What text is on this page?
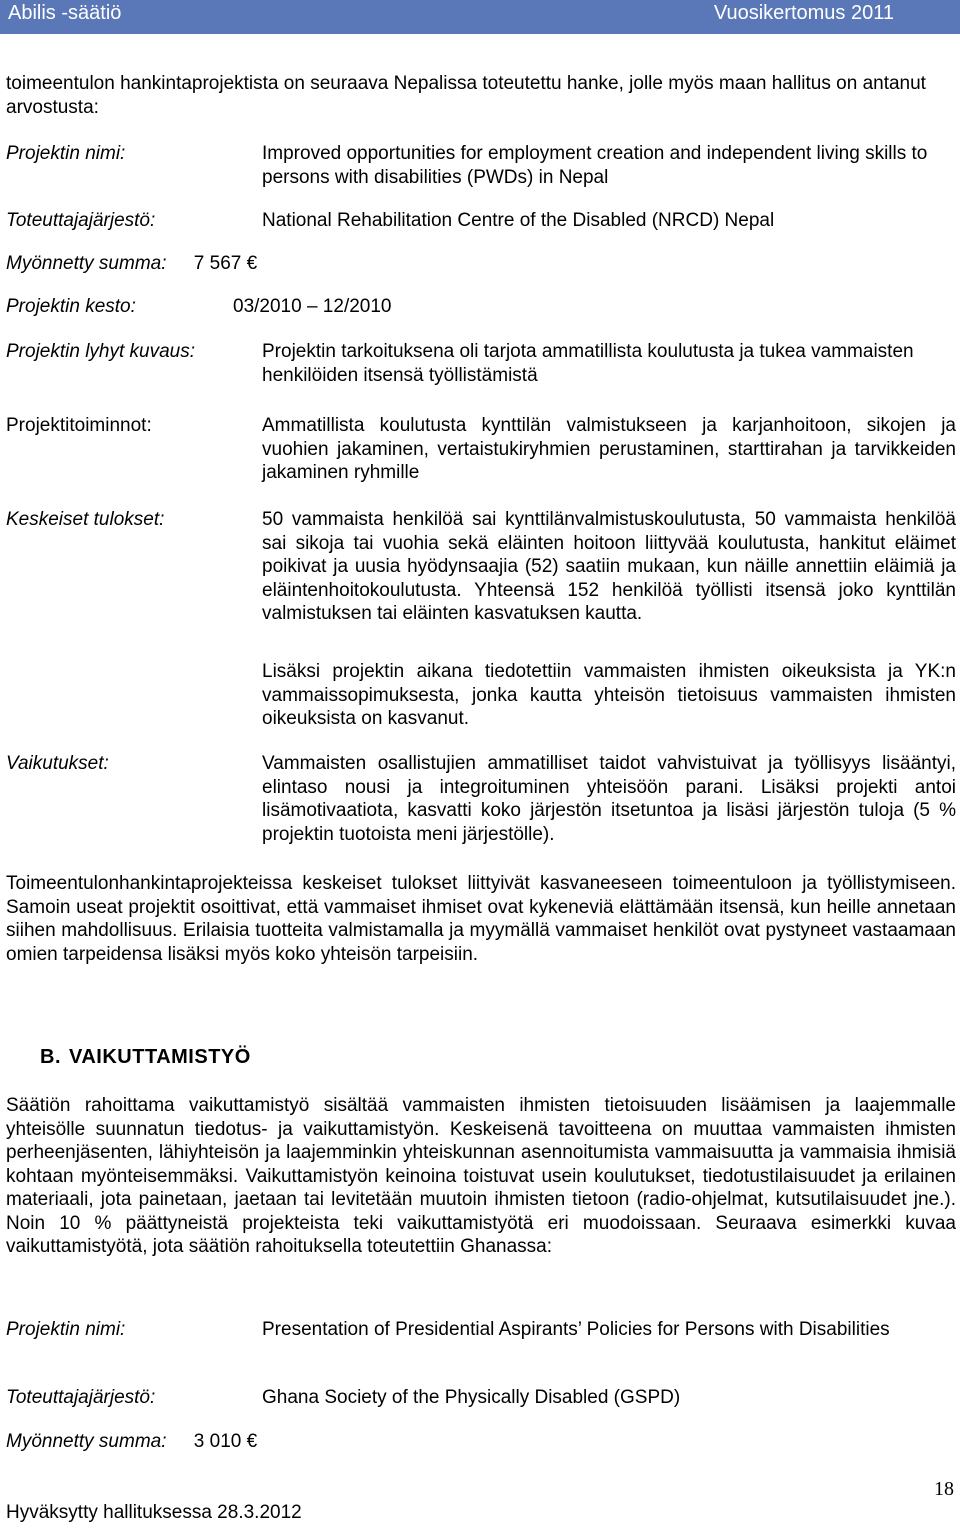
Abilis -säätiö	Vuosikertomus 2011
toimeentulon hankintaprojektista on seuraava Nepalissa toteutettu hanke, jolle myös maan hallitus on antanut arvostusta:
Projektin nimi:	Improved opportunities for employment creation and independent living skills to persons with disabilities (PWDs) in Nepal
Toteuttajajärjestö:	National Rehabilitation Centre of the Disabled (NRCD) Nepal
Myönnetty summa: 7 567 €
Projektin kesto:	03/2010 – 12/2010
Projektin lyhyt kuvaus:	Projektin tarkoituksena oli tarjota ammatillista koulutusta ja tukea vammaisten henkilöiden itsensä työllistämistä
Projektitoiminnot:	Ammatillista koulutusta kynttilän valmistukseen ja karjanhoitoon, sikojen ja vuohien jakaminen, vertaistukiryhmien perustaminen, starttirahan ja tarvikkeiden jakaminen ryhmille
Keskeiset tulokset:	50 vammaista henkilöä sai kynttilänvalmistuskoulutusta, 50 vammaista henkilöä sai sikoja tai vuohia sekä eläinten hoitoon liittyvää koulutusta, hankitut eläimet poikivat ja uusia hyödynsaajia (52) saatiin mukaan, kun näille annettiin eläimiä ja eläintenhoitokoulutusta. Yhteensä 152 henkilöä työllisti itsensä joko kynttilän valmistuksen tai eläinten kasvatuksen kautta.
Lisäksi projektin aikana tiedotettiin vammaisten ihmisten oikeuksista ja YK:n vammaissopimuksesta, jonka kautta yhteisön tietoisuus vammaisten ihmisten oikeuksista on kasvanut.
Vaikutukset:	Vammaisten osallistujien ammatilliset taidot vahvistuivat ja työllisyys lisääntyi, elintaso nousi ja integroituminen yhteisöön parani. Lisäksi projekti antoi lisämotivaatiota, kasvatti koko järjestön itsetuntoa ja lisäsi järjestön tuloja (5 % projektin tuotoista meni järjestölle).
Toimeentulonhankintaprojekteissa keskeiset tulokset liittyivät kasvaneeseen toimeentuloon ja työllistymiseen. Samoin useat projektit osoittivat, että vammaiset ihmiset ovat kykeneviä elättämään itsensä, kun heille annetaan siihen mahdollisuus. Erilaisia tuotteita valmistamalla ja myymällä vammaiset henkilöt ovat pystyneet vastaamaan omien tarpeidensa lisäksi myös koko yhteisön tarpeisiin.
B. VAIKUTTAMISTYÖ
Säätiön rahoittama vaikuttamistyö sisältää vammaisten ihmisten tietoisuuden lisäämisen ja laajemmalle yhteisölle suunnatun tiedotus- ja vaikuttamistyön. Keskeisenä tavoitteena on muuttaa vammaisten ihmisten perheenjäsenten, lähiyhteisön ja laajemminkin yhteiskunnan asennoitumista vammaisuutta ja vammaisia ihmisiä kohtaan myönteisemmäksi. Vaikuttamistyön keinoina toistuvat usein koulutukset, tiedotustilaisuudet ja erilainen materiaali, jota painetaan, jaetaan tai levitetään muutoin ihmisten tietoon (radio-ohjelmat, kutsutilaisuudet jne.). Noin 10 % päättyneistä projekteista teki vaikuttamistyötä eri muodoissaan. Seuraava esimerkki kuvaa vaikuttamistyötä, jota säätiön rahoituksella toteutettiin Ghanassa:
Projektin nimi:	Presentation of Presidential Aspirants’ Policies for Persons with Disabilities
Toteuttajajärjestö:	Ghana Society of the Physically Disabled (GSPD)
Myönnetty summa: 3 010 €
Hyväksytty hallituksessa 28.3.2012
18
